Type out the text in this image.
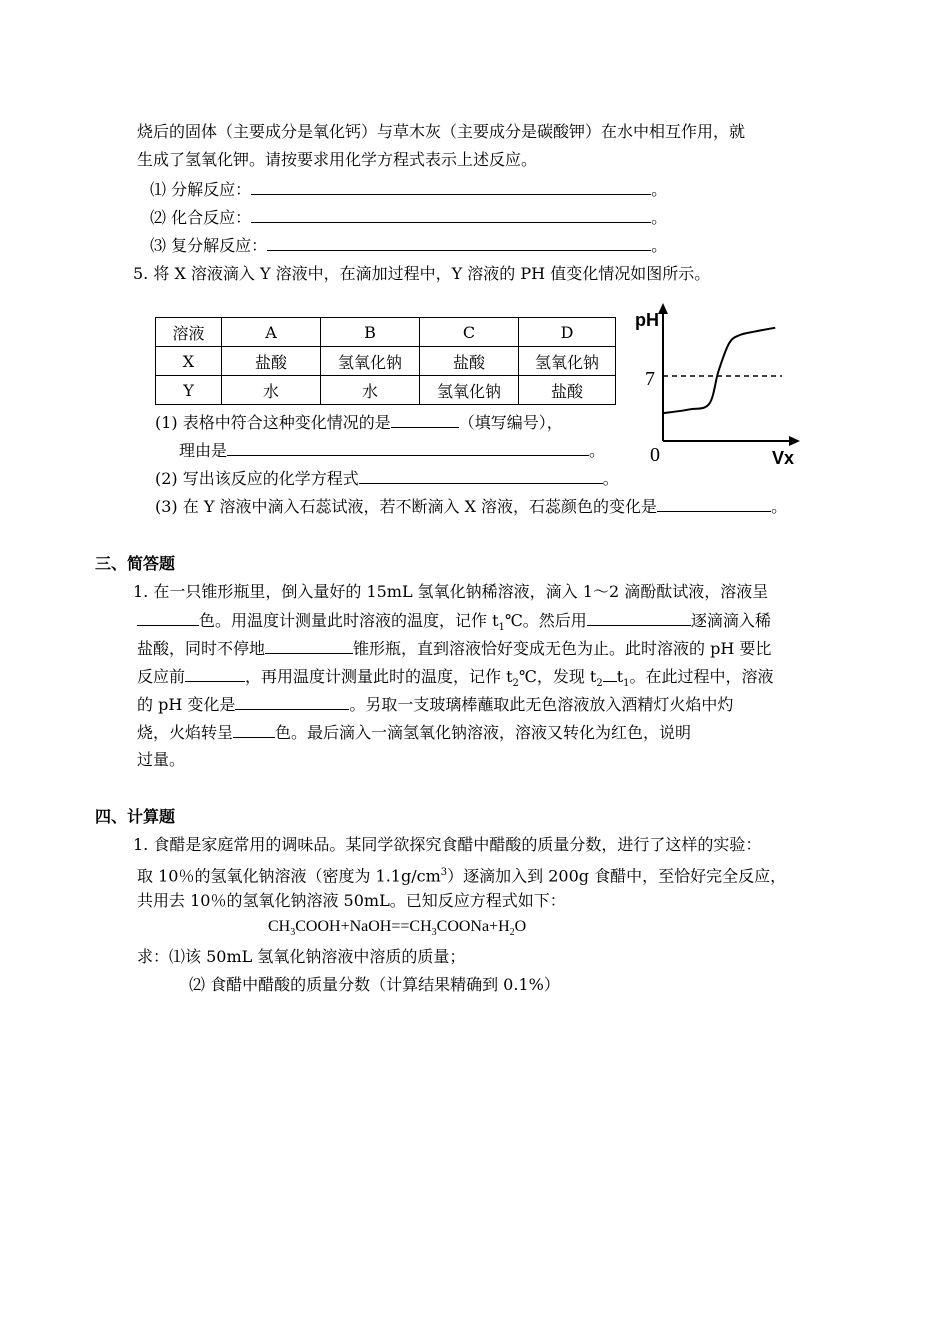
烧后的固体（主要成分是氧化钙）与草木灰（主要成分是碳酸钾）在水中相互作用，就
生成了氢氧化钾。请按要求用化学方程式表示上述反应。
⑴ 分解反应：	。
⑵ 化合反应：	。
⑶ 复分解反应：	。
5. 将 X 溶液滴入 Y 溶液中，在滴加过程中，Y 溶液的 PH 值变化情况如图所示。
溶液	A	B	C	D
X	盐酸	氢氧化钠	盐酸	氢氧化钠
Y	水	水	氢氧化钠	盐酸
pH
Vx
0
7
(1) 表格中符合这种变化情况的是	（填写编号），
理由是	。
(2) 写出该反应的化学方程式	。
(3) 在 Y 溶液中滴入石蕊试液，若不断滴入 X 溶液，石蕊颜色的变化是	。
三、简答题
1. 在一只锥形瓶里，倒入量好的 15mL 氢氧化钠稀溶液，滴入 1～2 滴酚酞试液，溶液呈
色。用温度计测量此时溶液的温度，记作 $t_1℃$。然后用	逐滴滴入稀
盐酸，同时不停地	锥形瓶，直到溶液恰好变成无色为止。此时溶液的 pH 要比
反应前	，再用温度计测量此时的温度，记作 $t_2℃$，发现 $t_2$ $t_1$。在此过程中，溶液
的 pH 变化是	。另取一支玻璃棒蘸取此无色溶液放入酒精灯火焰中灼
烧，火焰转呈	色。最后滴入一滴氢氧化钠溶液，溶液又转化为红色，说明
过量。
四、计算题
1. 食醋是家庭常用的调味品。某同学欲探究食醋中醋酸的质量分数，进行了这样的实验：
取 10％的氢氧化钠溶液（密度为 $1.1g/cm^3$）逐滴加入到 200g 食醋中，至恰好完全反应，
共用去 10％的氢氧化钠溶液 50mL。已知反应方程式如下：
$CH_3COOH+NaOH==CH_3COONa+H_2O$
求：⑴该 50mL 氢氧化钠溶液中溶质的质量；
⑵ 食醋中醋酸的质量分数（计算结果精确到 0.1%）
